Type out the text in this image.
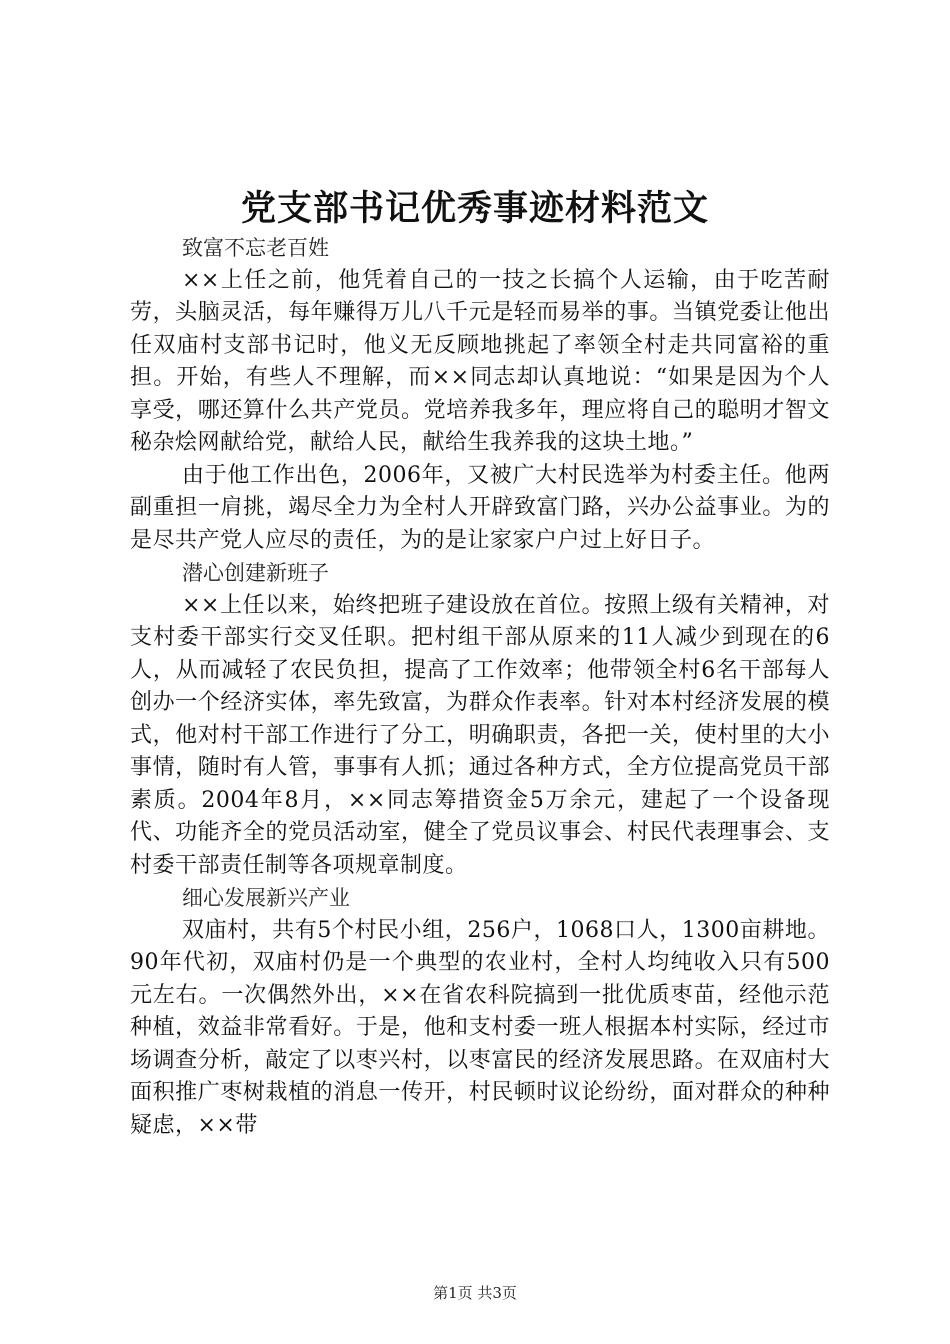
党支部书记优秀事迹材料范文

致富不忘老百姓

××上任之前，他凭着自己的一技之长搞个人运输，由于吃苦耐劳，头脑灵活，每年赚得万儿八千元是轻而易举的事。当镇党委让他出任双庙村支部书记时，他义无反顾地挑起了率领全村走共同富裕的重担。开始，有些人不理解，而××同志却认真地说：“如果是因为个人享受，哪还算什么共产党员。党培养我多年，理应将自己的聪明才智文秘杂烩网献给党，献给人民，献给生我养我的这块土地。”

由于他工作出色，2006年，又被广大村民选举为村委主任。他两副重担一肩挑，竭尽全力为全村人开辟致富门路，兴办公益事业。为的是尽共产党人应尽的责任，为的是让家家户户过上好日子。

潜心创建新班子

××上任以来，始终把班子建设放在首位。按照上级有关精神，对支村委干部实行交叉任职。把村组干部从原来的11人减少到现在的6人，从而减轻了农民负担，提高了工作效率；他带领全村6名干部每人创办一个经济实体，率先致富，为群众作表率。针对本村经济发展的模式，他对村干部工作进行了分工，明确职责，各把一关，使村里的大小事情，随时有人管，事事有人抓；通过各种方式，全方位提高党员干部素质。2004年8月，××同志筹措资金5万余元，建起了一个设备现代、功能齐全的党员活动室，健全了党员议事会、村民代表理事会、支村委干部责任制等各项规章制度。

细心发展新兴产业

双庙村，共有5个村民小组，256户，1068口人，1300亩耕地。90年代初，双庙村仍是一个典型的农业村，全村人均纯收入只有500元左右。一次偶然外出，××在省农科院搞到一批优质枣苗，经他示范种植，效益非常看好。于是，他和支村委一班人根据本村实际，经过市场调查分析，敲定了以枣兴村，以枣富民的经济发展思路。在双庙村大面积推广枣树栽植的消息一传开，村民顿时议论纷纷，面对群众的种种疑虑，××带

第1页 共3页
